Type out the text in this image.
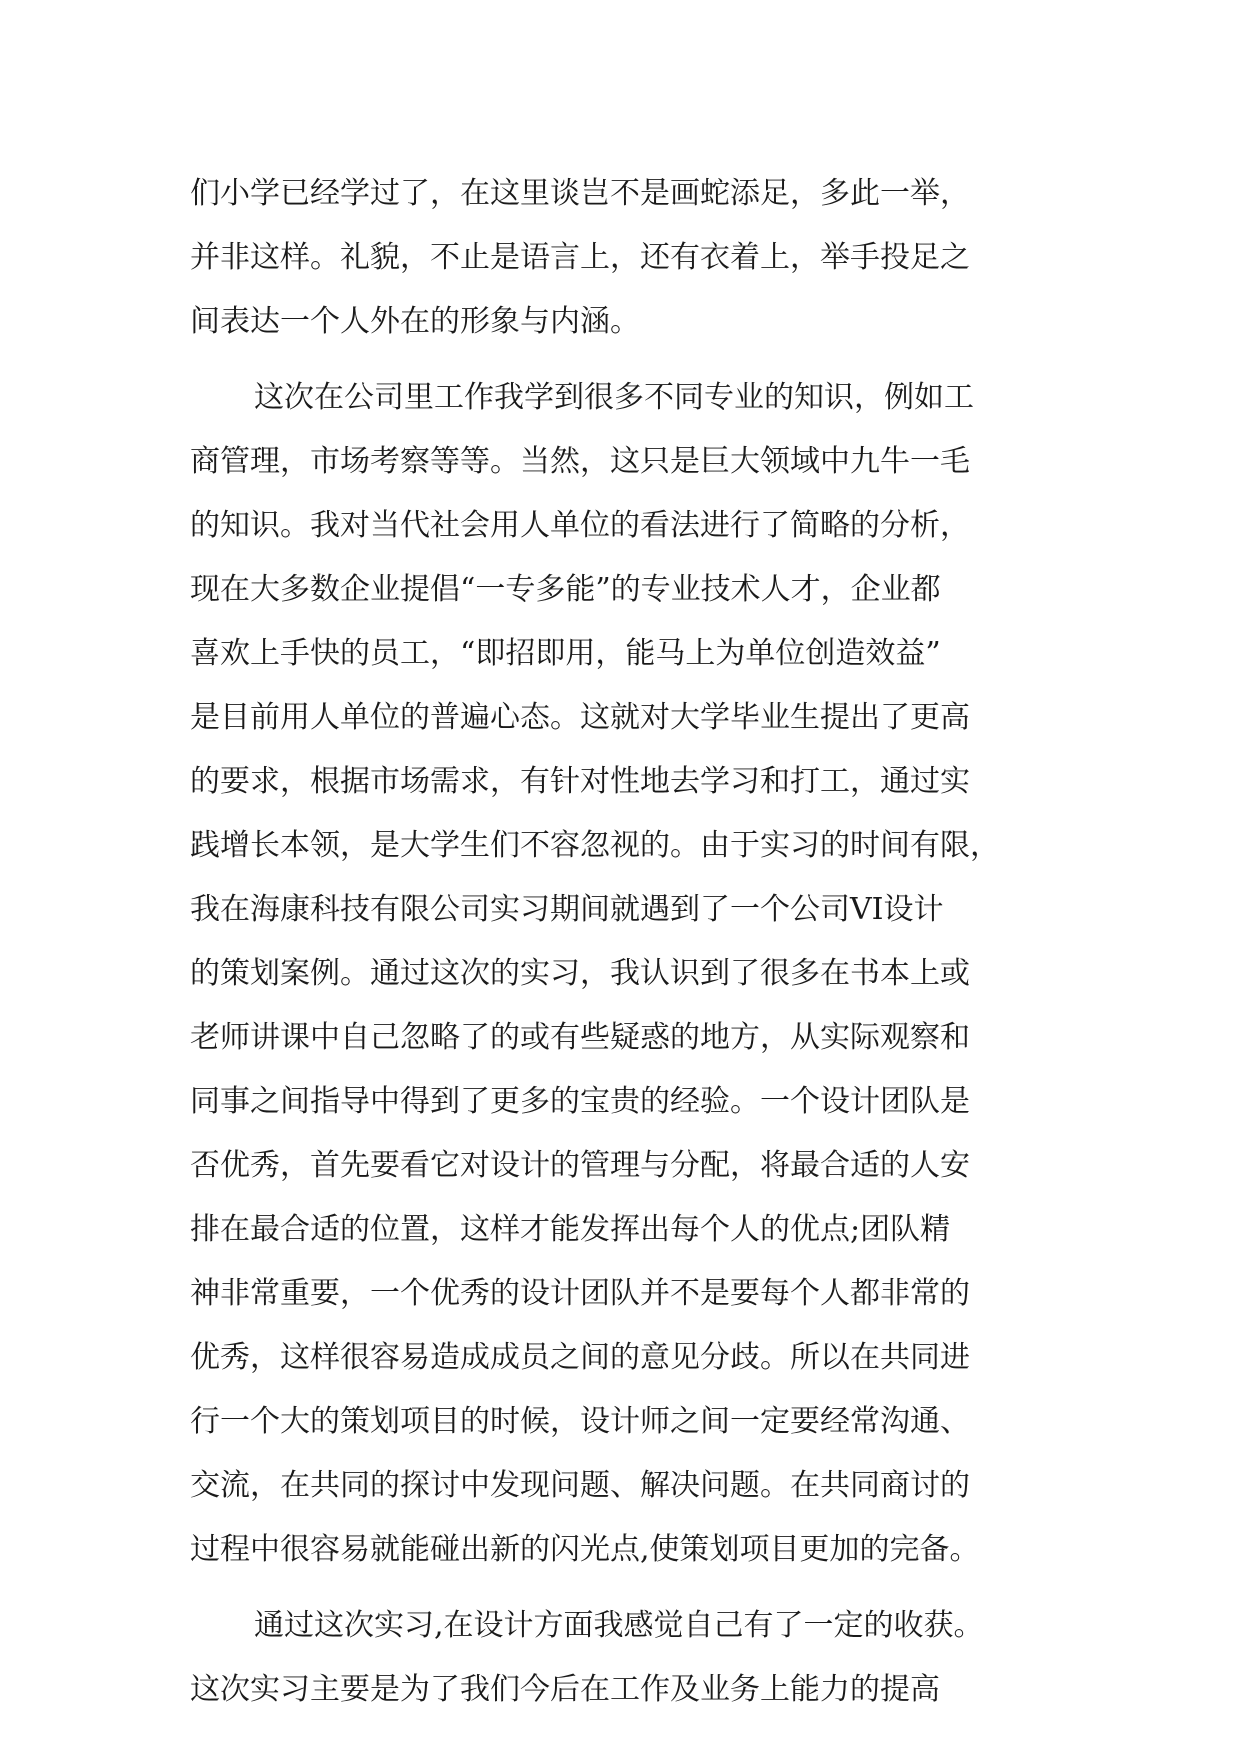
们小学已经学过了，在这里谈岂不是画蛇添足，多此一举，
并非这样。礼貌，不止是语言上，还有衣着上，举手投足之
间表达一个人外在的形象与内涵。
这次在公司里工作我学到很多不同专业的知识，例如工
商管理，市场考察等等。当然，这只是巨大领域中九牛一毛
的知识。我对当代社会用人单位的看法进行了简略的分析，
现在大多数企业提倡“一专多能”的专业技术人才，企业都
喜欢上手快的员工，“即招即用，能马上为单位创造效益”
是目前用人单位的普遍心态。这就对大学毕业生提出了更高
的要求，根据市场需求，有针对性地去学习和打工，通过实
践增长本领，是大学生们不容忽视的。由于实习的时间有限，
我在海康科技有限公司实习期间就遇到了一个公司VI设计
的策划案例。通过这次的实习，我认识到了很多在书本上或
老师讲课中自己忽略了的或有些疑惑的地方，从实际观察和
同事之间指导中得到了更多的宝贵的经验。一个设计团队是
否优秀，首先要看它对设计的管理与分配，将最合适的人安
排在最合适的位置，这样才能发挥出每个人的优点;团队精
神非常重要，一个优秀的设计团队并不是要每个人都非常的
优秀，这样很容易造成成员之间的意见分歧。所以在共同进
行一个大的策划项目的时候，设计师之间一定要经常沟通、
交流，在共同的探讨中发现问题、解决问题。在共同商讨的
过程中很容易就能碰出新的闪光点,使策划项目更加的完备。
通过这次实习,在设计方面我感觉自己有了一定的收获。
这次实习主要是为了我们今后在工作及业务上能力的提高
